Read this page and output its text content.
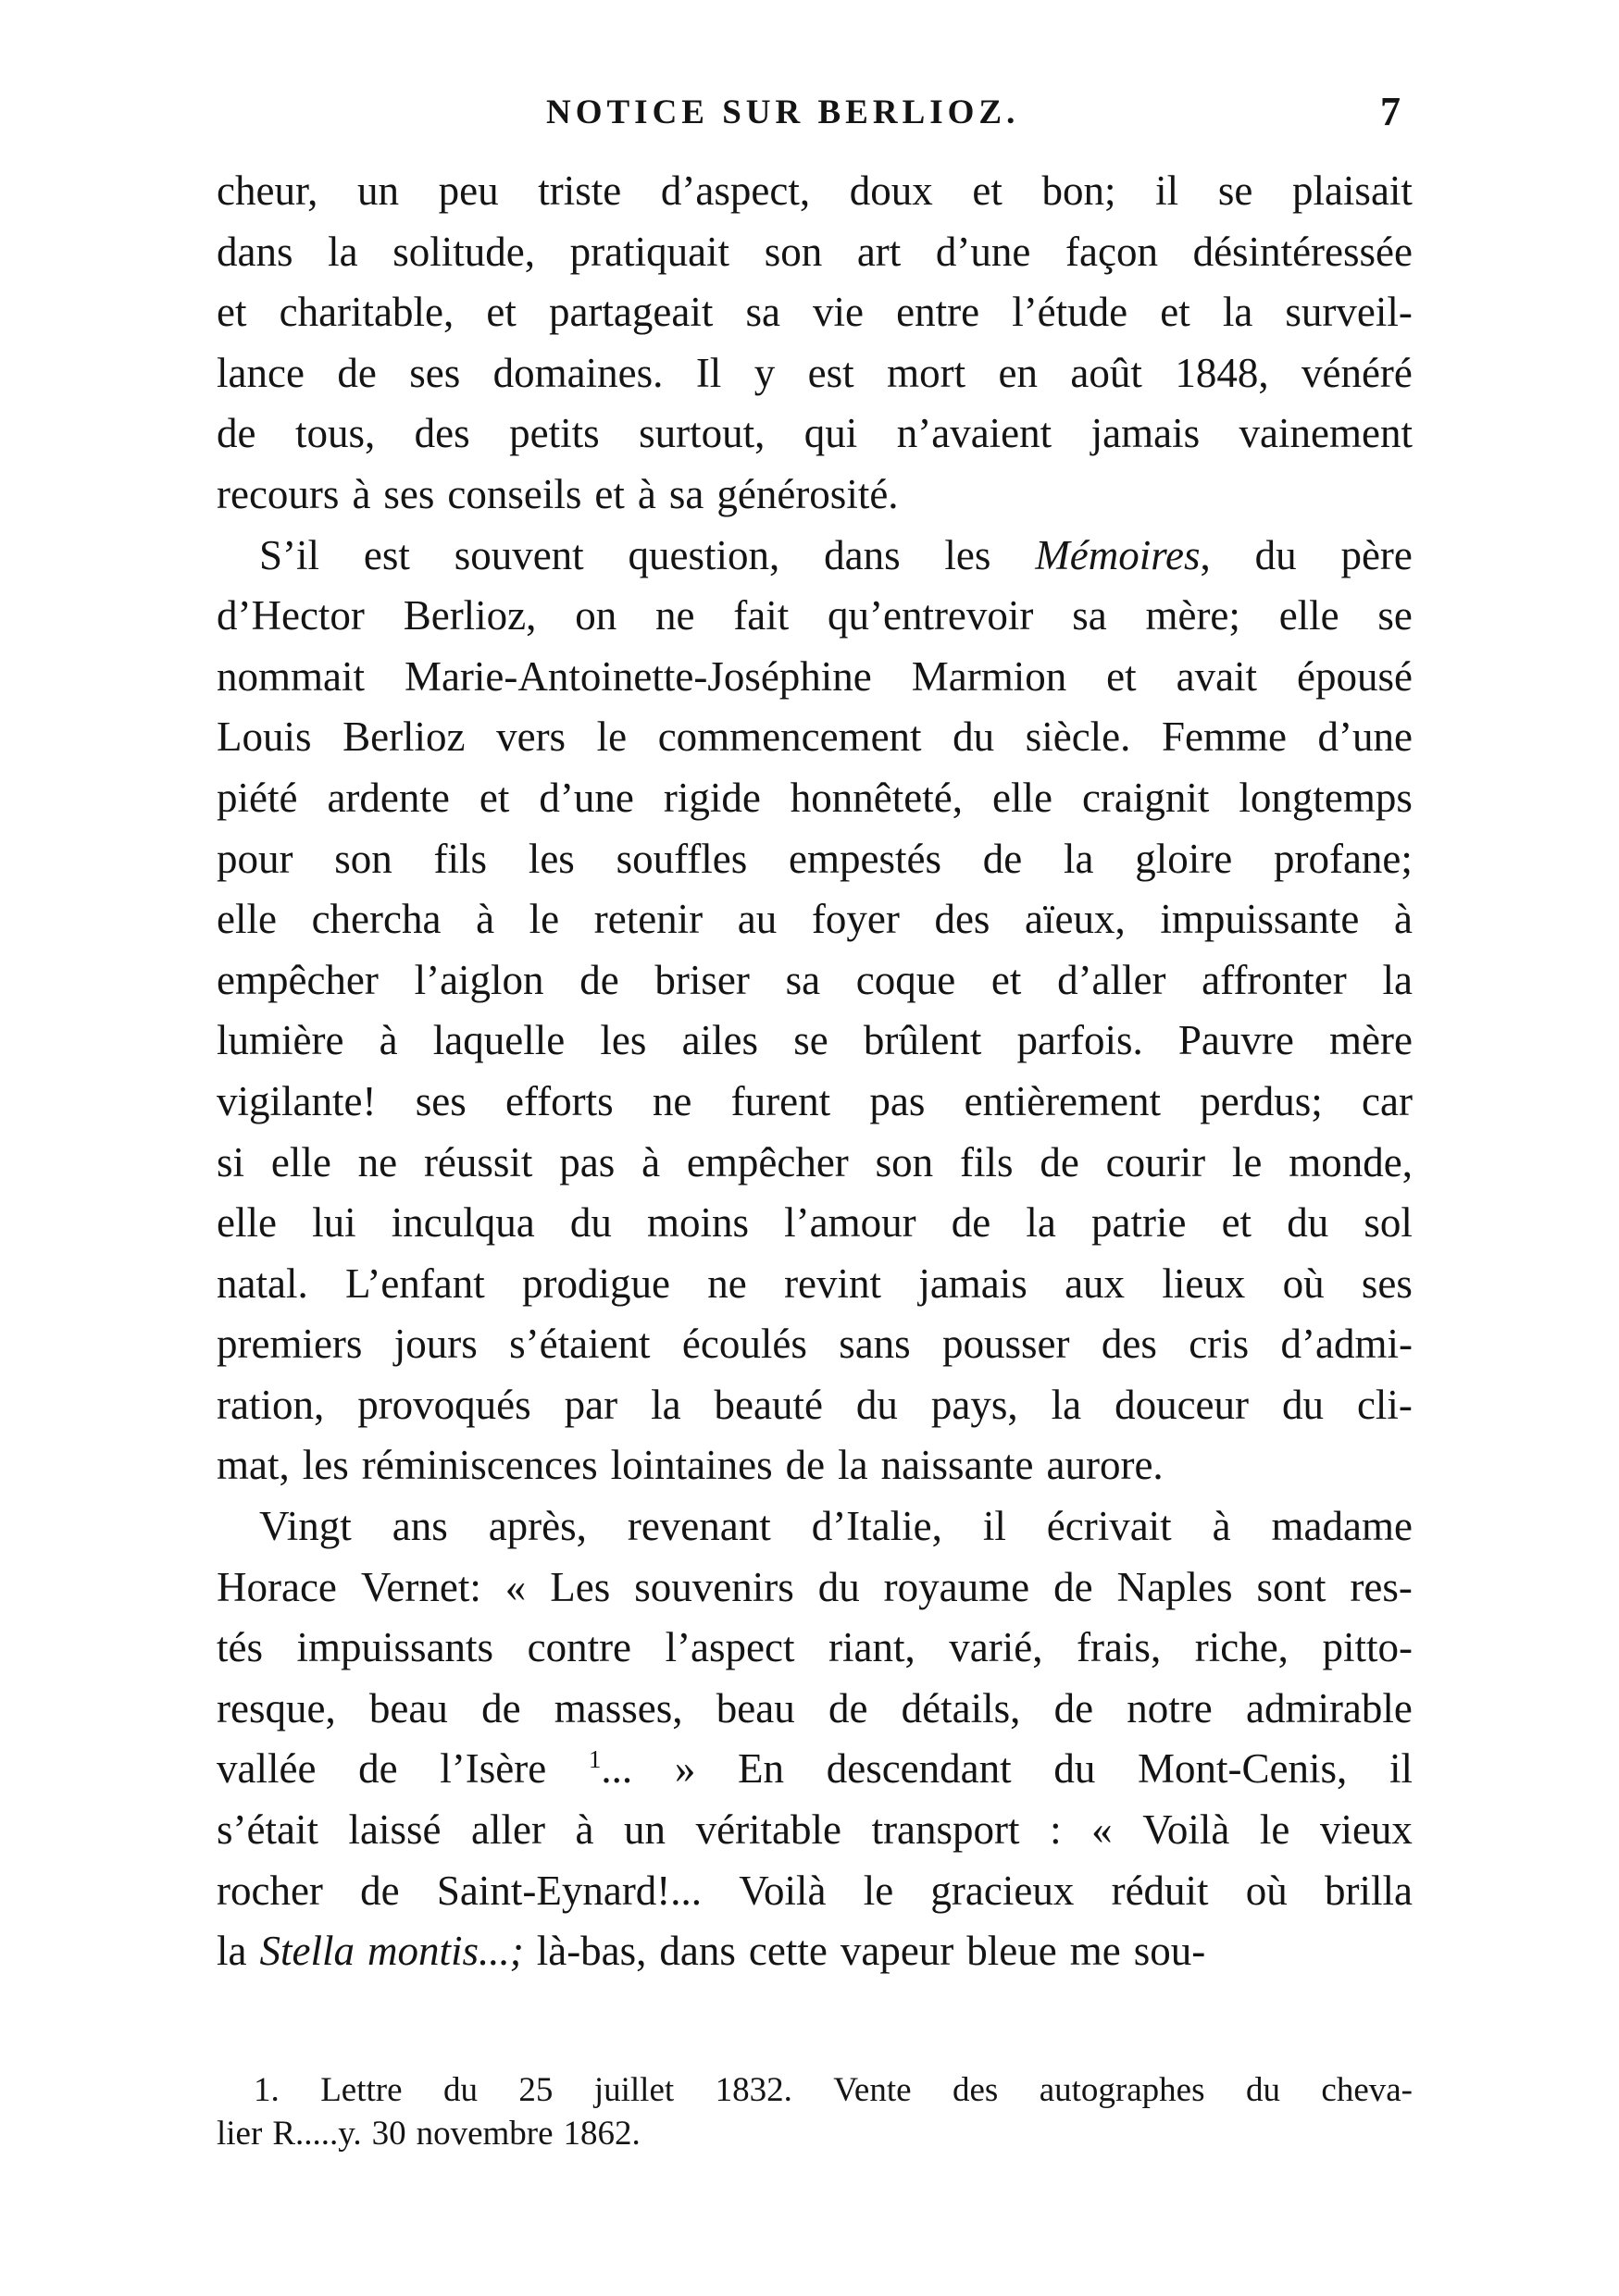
NOTICE SUR BERLIOZ.	7
cheur, un peu triste d’aspect, doux et bon; il se plaisait
dans la solitude, pratiquait son art d’une façon désintéressée
et charitable, et partageait sa vie entre l’étude et la surveil-
lance de ses domaines. Il y est mort en août 1848, vénéré
de tous, des petits surtout, qui n’avaient jamais vainement
recours à ses conseils et à sa générosité.
S’il est souvent question, dans les Mémoires, du père
d’Hector Berlioz, on ne fait qu’entrevoir sa mère; elle se
nommait Marie-Antoinette-Joséphine Marmion et avait épousé
Louis Berlioz vers le commencement du siècle. Femme d’une
piété ardente et d’une rigide honnêteté, elle craignit longtemps
pour son fils les souffles empestés de la gloire profane;
elle chercha à le retenir au foyer des aïeux, impuissante à
empêcher l’aiglon de briser sa coque et d’aller affronter la
lumière à laquelle les ailes se brûlent parfois. Pauvre mère
vigilante! ses efforts ne furent pas entièrement perdus; car
si elle ne réussit pas à empêcher son fils de courir le monde,
elle lui inculqua du moins l’amour de la patrie et du sol
natal. L’enfant prodigue ne revint jamais aux lieux où ses
premiers jours s’étaient écoulés sans pousser des cris d’admi-
ration, provoqués par la beauté du pays, la douceur du cli-
mat, les réminiscences lointaines de la naissante aurore.
Vingt ans après, revenant d’Italie, il écrivait à madame
Horace Vernet: « Les souvenirs du royaume de Naples sont res-
tés impuissants contre l’aspect riant, varié, frais, riche, pitto-
resque, beau de masses, beau de détails, de notre admirable
vallée de l’Isère $^1$... » En descendant du Mont-Cenis, il
s’était laissé aller à un véritable transport : « Voilà le vieux
rocher de Saint-Eynard!... Voilà le gracieux réduit où brilla
la Stella montis...; là-bas, dans cette vapeur bleue me sou-
1. Lettre du 25 juillet 1832. Vente des autographes du cheva-
lier R.....y. 30 novembre 1862.
